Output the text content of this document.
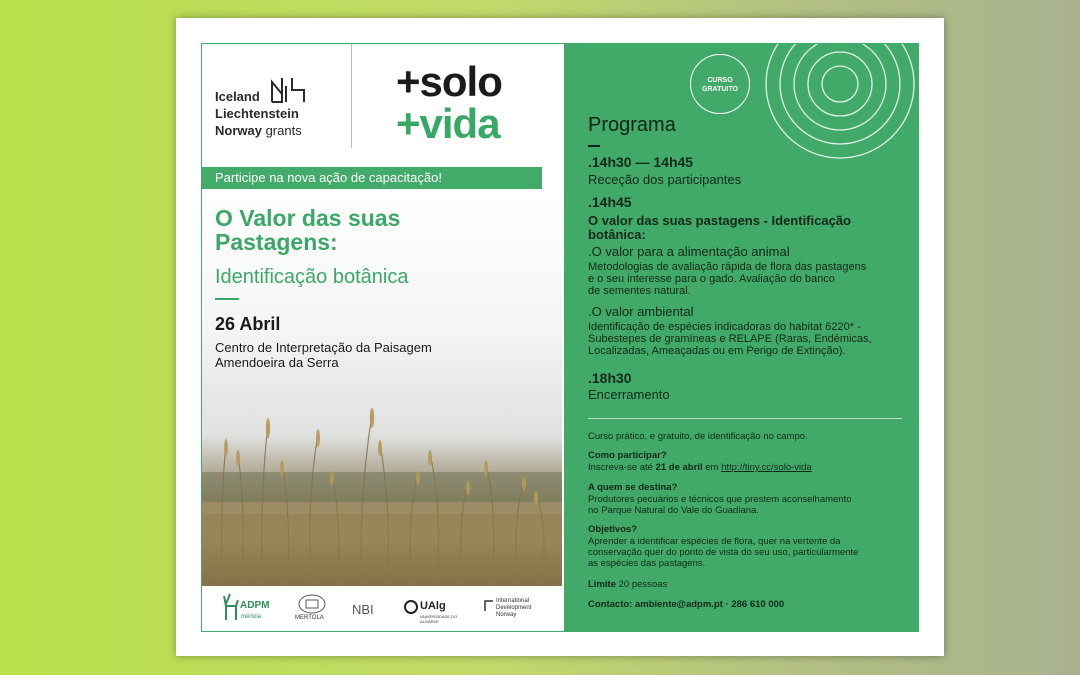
Iceland
Liechtenstein
Norway grants
+solo
+vida
Participe na nova ação de capacitação!
O Valor das suas
Pastagens:
Identificação botânica
26 Abril
Centro de Interpretação da Paisagem
Amendoeira da Serra
ADPM
mértola	MERTOLA
NBI	UAlg
UNIVERSIDADE DO ALGARVE
International
Development
Norway
CURSO
GRATUITO
Programa
.14h30 — 14h45
Receção dos participantes
.14h45
O valor das suas pastagens - Identificação
botânica:
.O valor para a alimentação animal
Metodologias de avaliação rápida de flora das pastagens
e o seu interesse para o gado. Avaliação do banco
de sementes natural.
.O valor ambiental
Identificação de espécies indicadoras do habitat 6220* -
Subestepes de gramíneas e RELAPE (Raras, Endémicas,
Localizadas, Ameaçadas ou em Perigo de Extinção).
.18h30
Encerramento
Curso prático, e gratuito, de identificação no campo.
Como participar?
Inscreva-se até 21 de abril em http://tiny.cc/solo-vida
A quem se destina?
Produtores pecuários e técnicos que prestem aconselhamento
no Parque Natural do Vale do Guadiana.
Objetivos?
Aprender a identificar espécies de flora, quer na vertente da
conservação quer do ponto de vista do seu uso, particularmente
as espécies das pastagens.
Limite 20 pessoas
Contacto: ambiente@adpm.pt · 286 610 000
